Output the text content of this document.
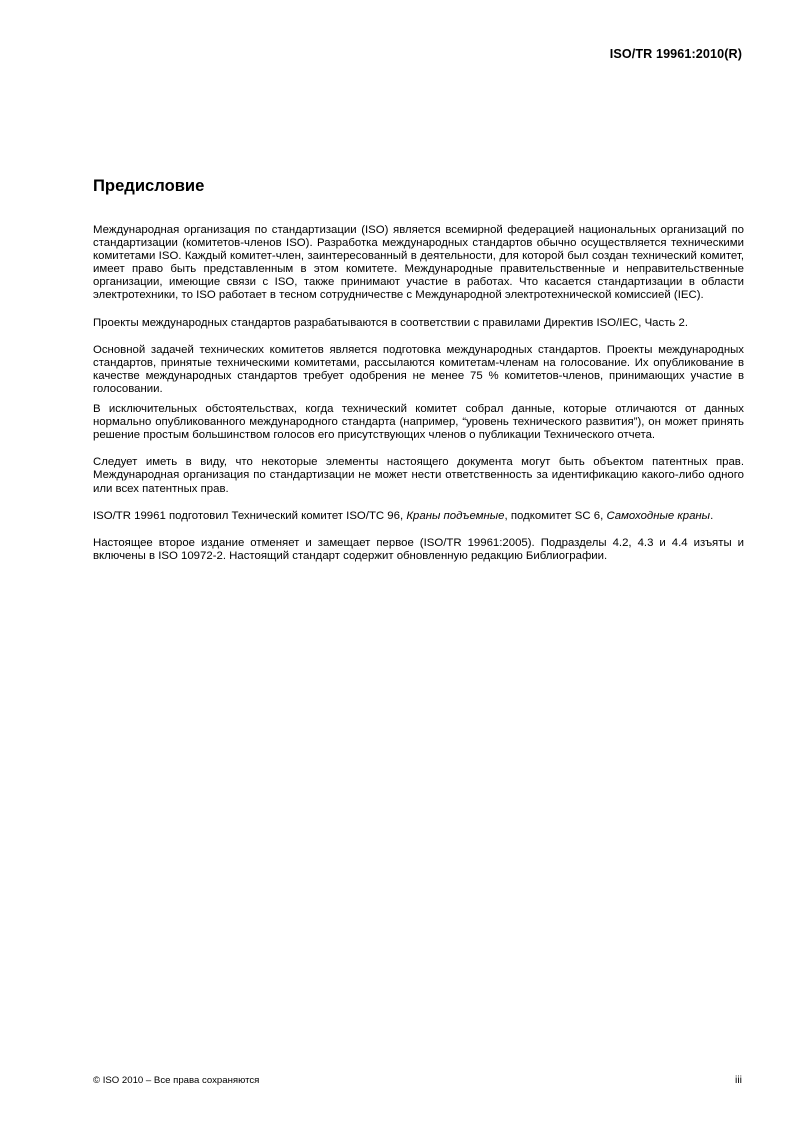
ISO/TR 19961:2010(R)
Предисловие

Международная организация по стандартизации (ISO) является всемирной федерацией национальных организаций по стандартизации (комитетов-членов ISO). Разработка международных стандартов обычно осуществляется техническими комитетами ISO. Каждый комитет-член, заинтересованный в деятельности, для которой был создан технический комитет, имеет право быть представленным в этом комитете. Международные правительственные и неправительственные организации, имеющие связи с ISO, также принимают участие в работах. Что касается стандартизации в области электротехники, то ISO работает в тесном сотрудничестве с Международной электротехнической комиссией (IEC).

Проекты международных стандартов разрабатываются в соответствии с правилами Директив ISO/IEC, Часть 2.

Основной задачей технических комитетов является подготовка международных стандартов. Проекты международных стандартов, принятые техническими комитетами, рассылаются комитетам-членам на голосование. Их опубликование в качестве международных стандартов требует одобрения не менее 75 % комитетов-членов, принимающих участие в голосовании.

В исключительных обстоятельствах, когда технический комитет собрал данные, которые отличаются от данных нормально опубликованного международного стандарта (например, “уровень технического развития”), он может принять решение простым большинством голосов его присутствующих членов о публикации Технического отчета.

Следует иметь в виду, что некоторые элементы настоящего документа могут быть объектом патентных прав. Международная организация по стандартизации не может нести ответственность за идентификацию какого-либо одного или всех патентных прав.

ISO/TR 19961 подготовил Технический комитет ISO/TC 96, Краны подъемные, подкомитет SC 6, Самоходные краны.

Настоящее второе издание отменяет и замещает первое (ISO/TR 19961:2005). Подразделы 4.2, 4.3 и 4.4 изъяты и включены в ISO 10972-2. Настоящий стандарт содержит обновленную редакцию Библиографии.

© ISO 2010 – Все права сохраняются	iii
